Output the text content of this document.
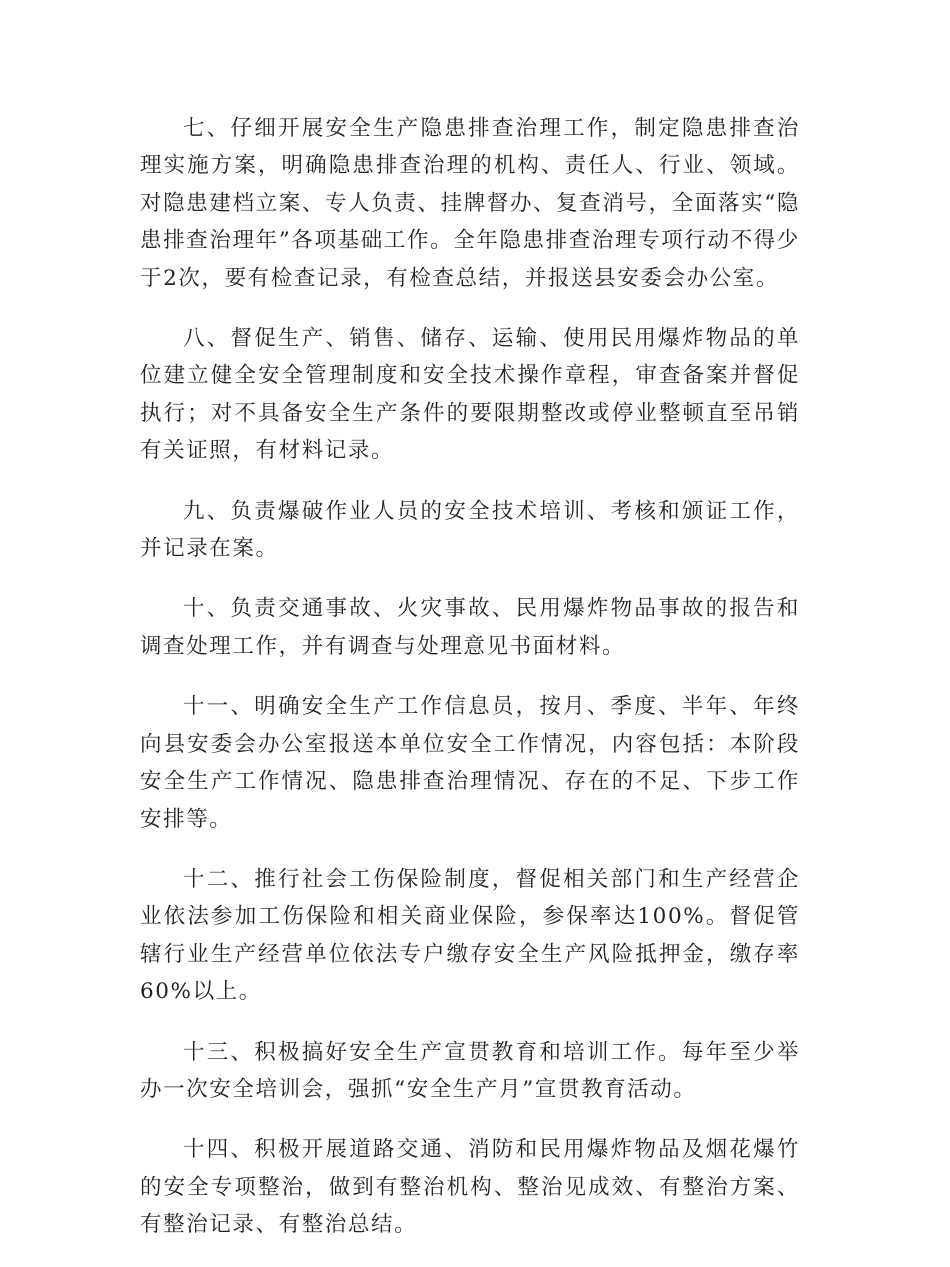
七、仔细开展安全生产隐患排查治理工作，制定隐患排查治理实施方案，明确隐患排查治理的机构、责任人、行业、领域。对隐患建档立案、专人负责、挂牌督办、复查消号，全面落实“隐患排查治理年”各项基础工作。全年隐患排查治理专项行动不得少于2次，要有检查记录，有检查总结，并报送县安委会办公室。

八、督促生产、销售、储存、运输、使用民用爆炸物品的单位建立健全安全管理制度和安全技术操作章程，审查备案并督促执行；对不具备安全生产条件的要限期整改或停业整顿直至吊销有关证照，有材料记录。

九、负责爆破作业人员的安全技术培训、考核和颁证工作，并记录在案。

十、负责交通事故、火灾事故、民用爆炸物品事故的报告和调查处理工作，并有调查与处理意见书面材料。

十一、明确安全生产工作信息员，按月、季度、半年、年终向县安委会办公室报送本单位安全工作情况，内容包括：本阶段安全生产工作情况、隐患排查治理情况、存在的不足、下步工作安排等。

十二、推行社会工伤保险制度，督促相关部门和生产经营企业依法参加工伤保险和相关商业保险，参保率达100%。督促管辖行业生产经营单位依法专户缴存安全生产风险抵押金，缴存率60%以上。

十三、积极搞好安全生产宣贯教育和培训工作。每年至少举办一次安全培训会，强抓“安全生产月”宣贯教育活动。

十四、积极开展道路交通、消防和民用爆炸物品及烟花爆竹的安全专项整治，做到有整治机构、整治见成效、有整治方案、有整治记录、有整治总结。
